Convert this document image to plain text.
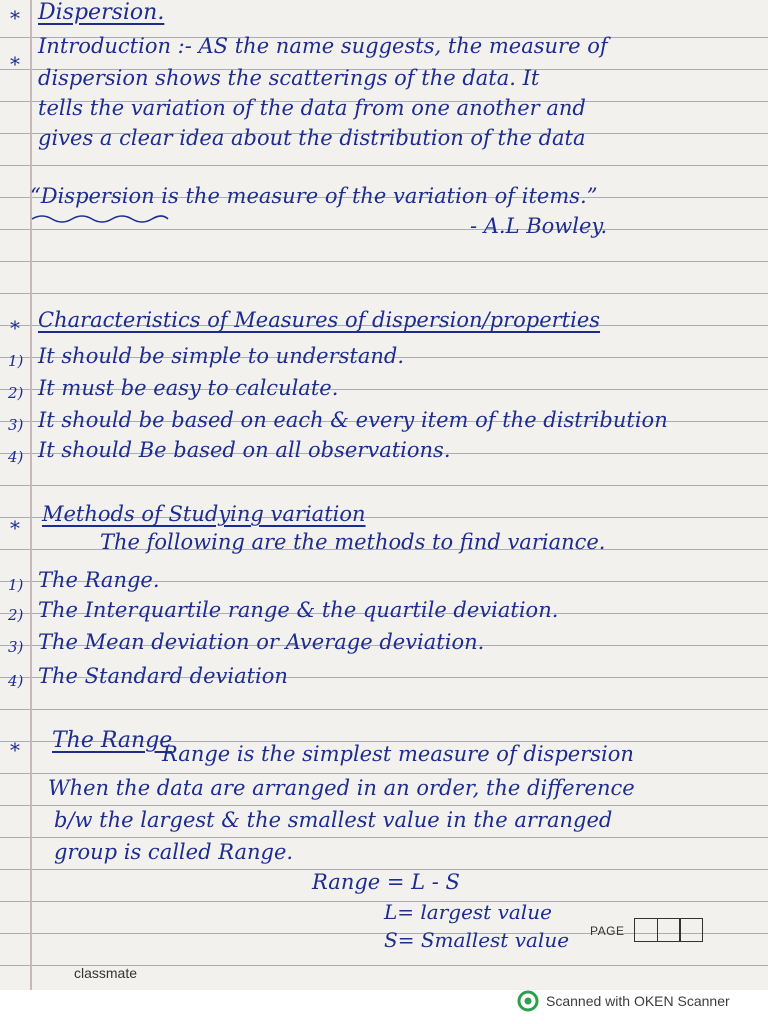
* Dispersion.
*
Introduction :- AS the name suggests, the measure of
dispersion shows the scatterings of the data. It
tells the variation of the data from one another and
gives a clear idea about the distribution of the data
“Dispersion is the measure of the variation of items.”
- A.L Bowley.
* Characteristics of Measures of dispersion/properties
1) It should be simple to understand.
2) It must be easy to calculate.
3) It should be based on each & every item of the distribution
4) It should Be based on all observations.
*
Methods of Studying variation
The following are the methods to find variance.
1) The Range.
2) The Interquartile range & the quartile deviation.
3) The Mean deviation or Average deviation.
4) The Standard deviation
* The Range
Range is the simplest measure of dispersion
When the data are arranged in an order, the difference
b/w the largest & the smallest value in the arranged
group is called Range.
Range = L - S
L= largest value
S= Smallest value PAGE
classmate
Scanned with OKEN Scanner
